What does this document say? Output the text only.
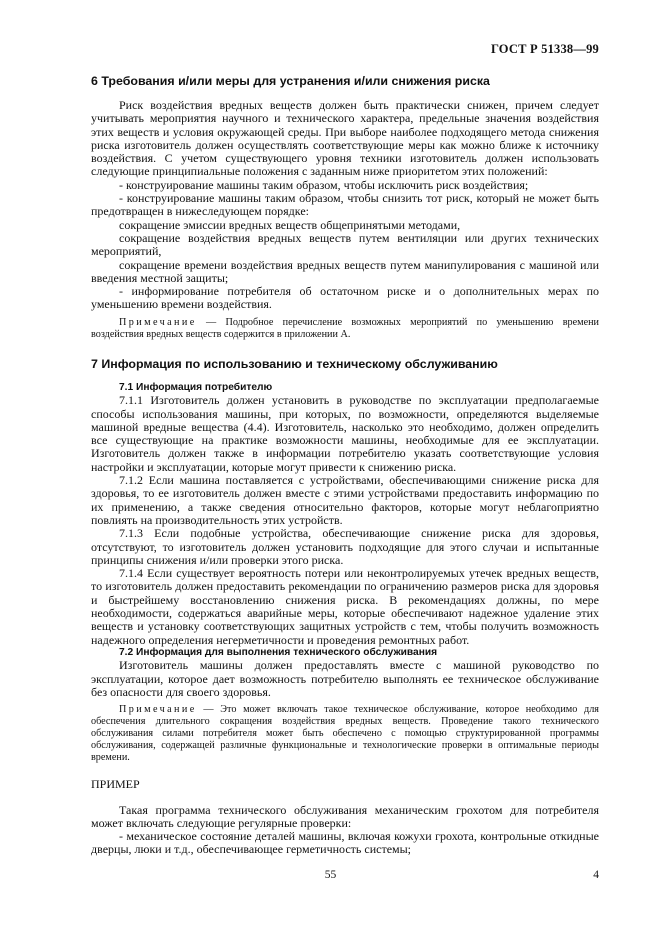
ГОСТ Р 51338—99
6 Требования и/или меры для устранения и/или снижения риска

Риск воздействия вредных веществ должен быть практически снижен, причем следует учитывать мероприятия научного и технического характера, предельные значения воздействия этих веществ и условия окружающей среды. При выборе наиболее подходящего метода снижения риска изготовитель должен осуществлять соответствующие меры как можно ближе к источнику воздействия. С учетом существующего уровня техники изготовитель должен использовать следующие принципиальные положения с заданным ниже приоритетом этих положений:

- конструирование машины таким образом, чтобы исключить риск воздействия;

- конструирование машины таким образом, чтобы снизить тот риск, который не может быть предотвращен в нижеследующем порядке:

сокращение эмиссии вредных веществ общепринятыми методами,

сокращение воздействия вредных веществ путем вентиляции или других технических мероприятий,

сокращение времени воздействия вредных веществ путем манипулирования с машиной или введения местной защиты;

- информирование потребителя об остаточном риске и о дополнительных мерах по уменьшению времени воздействия.

Примечание — Подробное перечисление возможных мероприятий по уменьшению времени воздействия вредных веществ содержится в приложении А.

7 Информация по использованию и техническому обслуживанию
7.1 Информация потребителю

7.1.1 Изготовитель должен установить в руководстве по эксплуатации предполагаемые способы использования машины, при которых, по возможности, определяются выделяемые машиной вредные вещества (4.4). Изготовитель, насколько это необходимо, должен определить все существующие на практике возможности машины, необходимые для ее эксплуатации. Изготовитель должен также в информации потребителю указать соответствующие условия настройки и эксплуатации, которые могут привести к снижению риска.

7.1.2 Если машина поставляется с устройствами, обеспечивающими снижение риска для здоровья, то ее изготовитель должен вместе с этими устройствами предоставить информацию по их применению, а также сведения относительно факторов, которые могут неблагоприятно повлиять на производительность этих устройств.

7.1.3 Если подобные устройства, обеспечивающие снижение риска для здоровья, отсутствуют, то изготовитель должен установить подходящие для этого случаи и испытанные принципы снижения и/или проверки этого риска.

7.1.4 Если существует вероятность потери или неконтролируемых утечек вредных веществ, то изготовитель должен предоставить рекомендации по ограничению размеров риска для здоровья и быстрейшему восстановлению снижения риска. В рекомендациях должны, по мере необходимости, содержаться аварийные меры, которые обеспечивают надежное удаление этих веществ и установку соответствующих защитных устройств с тем, чтобы получить возможность надежного определения негерметичности и проведения ремонтных работ.

7.2 Информация для выполнения технического обслуживания

Изготовитель машины должен предоставлять вместе с машиной руководство по эксплуатации, которое дает возможность потребителю выполнять ее техническое обслуживание без опасности для своего здоровья.

Примечание — Это может включать такое техническое обслуживание, которое необходимо для обеспечения длительного сокращения воздействия вредных веществ. Проведение такого технического обслуживания силами потребителя может быть обеспечено с помощью структурированной программы обслуживания, содержащей различные функциональные и технологические проверки в оптимальные периоды времени.

ПРИМЕР

Такая программа технического обслуживания механическим грохотом для потребителя может включать следующие регулярные проверки:

- механическое состояние деталей машины, включая кожухи грохота, контрольные откидные дверцы, люки и т.д., обеспечивающее герметичность системы;

55	4
